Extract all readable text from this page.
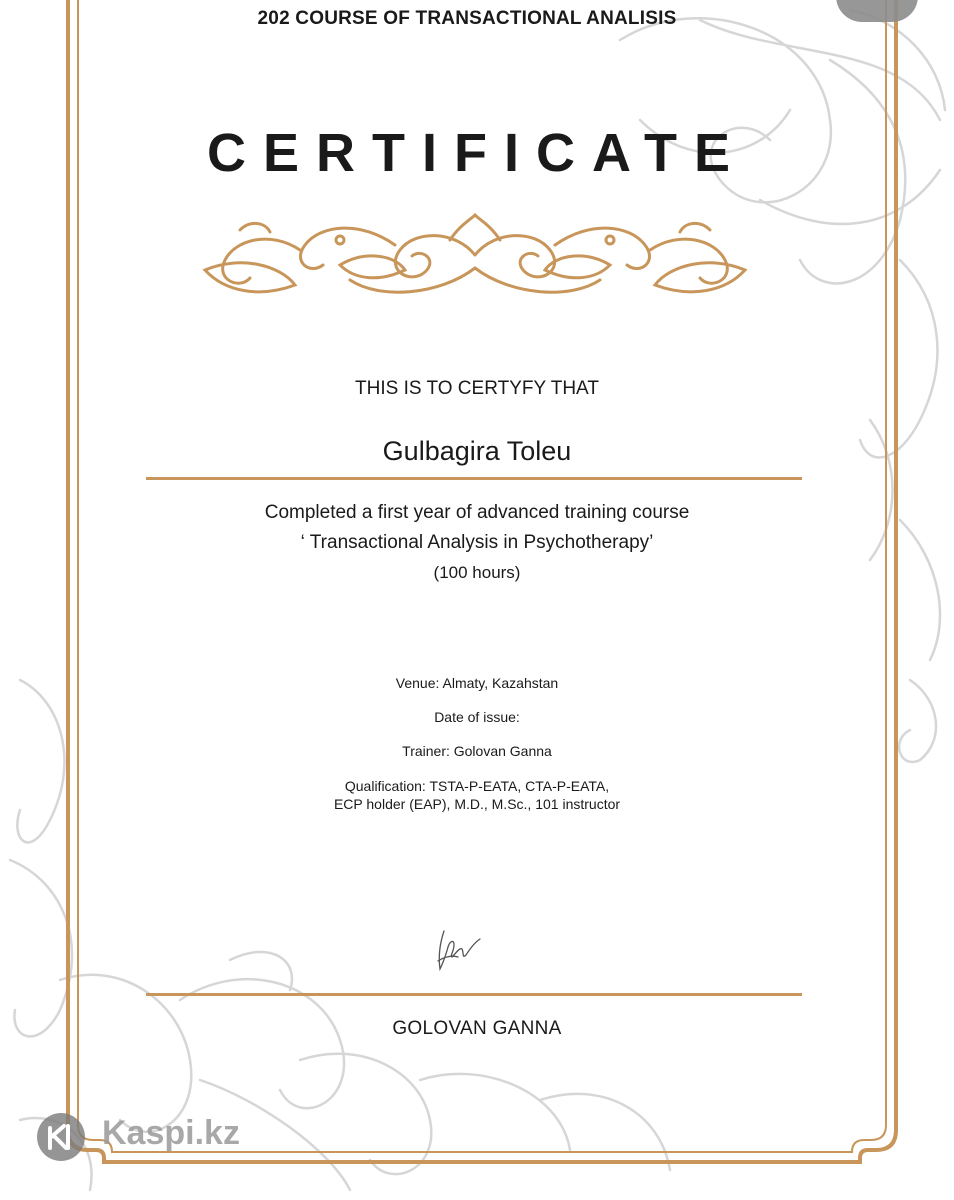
202 COURSE OF TRANSACTIONAL ANALISIS
CERTIFICATE
THIS IS TO CERTYFY THAT
Gulbagira Toleu
Completed a first year of advanced training course
‘ Transactional Analysis in Psychotherapy’
(100 hours)
Venue: Almaty, Kazahstan
Date of issue:
Trainer: Golovan Ganna
Qualification: TSTA-P-EATA, CTA-P-EATA,
ECP holder (EAP), M.D., M.Sc., 101 instructor
GOLOVAN GANNA
Kaspi.kz
